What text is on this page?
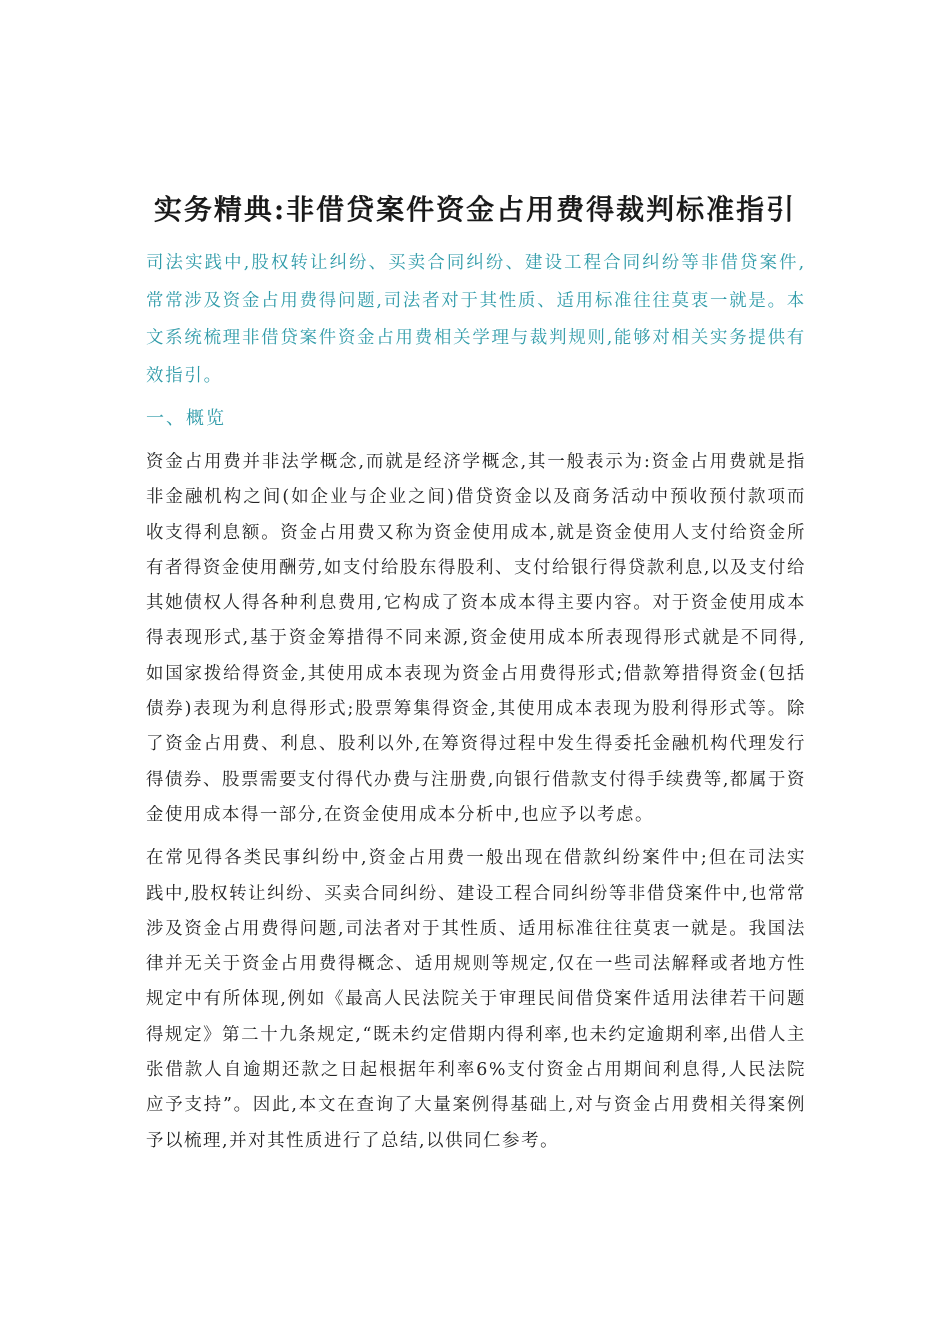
实务精典:非借贷案件资金占用费得裁判标准指引

司法实践中,股权转让纠纷、买卖合同纠纷、建设工程合同纠纷等非借贷案件,常常涉及资金占用费得问题,司法者对于其性质、适用标准往往莫衷一就是。本文系统梳理非借贷案件资金占用费相关学理与裁判规则,能够对相关实务提供有效指引。

一、概览

资金占用费并非法学概念,而就是经济学概念,其一般表示为:资金占用费就是指非金融机构之间(如企业与企业之间)借贷资金以及商务活动中预收预付款项而收支得利息额。资金占用费又称为资金使用成本,就是资金使用人支付给资金所有者得资金使用酬劳,如支付给股东得股利、支付给银行得贷款利息,以及支付给其她债权人得各种利息费用,它构成了资本成本得主要内容。对于资金使用成本得表现形式,基于资金筹措得不同来源,资金使用成本所表现得形式就是不同得,如国家拨给得资金,其使用成本表现为资金占用费得形式;借款筹措得资金(包括债券)表现为利息得形式;股票筹集得资金,其使用成本表现为股利得形式等。除了资金占用费、利息、股利以外,在筹资得过程中发生得委托金融机构代理发行得债券、股票需要支付得代办费与注册费,向银行借款支付得手续费等,都属于资金使用成本得一部分,在资金使用成本分析中,也应予以考虑。

在常见得各类民事纠纷中,资金占用费一般出现在借款纠纷案件中;但在司法实践中,股权转让纠纷、买卖合同纠纷、建设工程合同纠纷等非借贷案件中,也常常涉及资金占用费得问题,司法者对于其性质、适用标准往往莫衷一就是。我国法律并无关于资金占用费得概念、适用规则等规定,仅在一些司法解释或者地方性规定中有所体现,例如《最高人民法院关于审理民间借贷案件适用法律若干问题得规定》第二十九条规定,“既未约定借期内得利率,也未约定逾期利率,出借人主张借款人自逾期还款之日起根据年利率6%支付资金占用期间利息得,人民法院应予支持”。因此,本文在查询了大量案例得基础上,对与资金占用费相关得案例予以梳理,并对其性质进行了总结,以供同仁参考。
